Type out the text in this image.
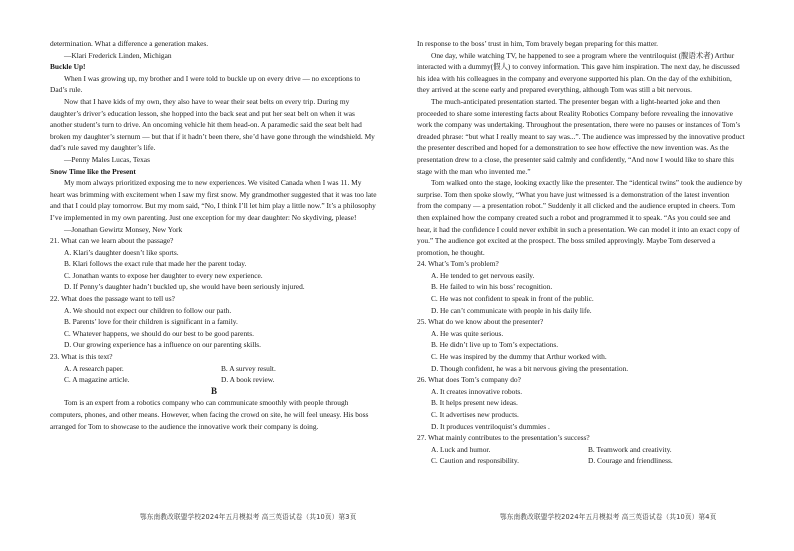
determination. What a difference a generation makes.

—Klari Frederick Linden, Michigan

Buckle Up!

When I was growing up, my brother and I were told to buckle up on every drive — no exceptions to Dad’s rule.

Now that I have kids of my own, they also have to wear their seat belts on every trip. During my daughter’s driver’s education lesson, she hopped into the back seat and put her seat belt on when it was another student’s turn to drive. An oncoming vehicle hit them head-on. A paramedic said the seat belt had broken my daughter’s sternum — but that if it hadn’t been there, she’d have gone through the windshield. My dad’s rule saved my daughter’s life.

—Penny Males Lucas, Texas

Snow Time like the Present

My mom always prioritized exposing me to new experiences. We visited Canada when I was 11. My heart was brimming with excitement when I saw my first snow. My grandmother suggested that it was too late and that I could play tomorrow. But my mom said, “No, I think I’ll let him play a little now.” It’s a philosophy I’ve implemented in my own parenting. Just one exception for my dear daughter: No skydiving, please!

—Jonathan Gewirtz Monsey, New York

21. What can we learn about the passage?

A. Klari’s daughter doesn’t like sports.

B. Klari follows the exact rule that made her the parent today.

C. Jonathan wants to expose her daughter to every new experience.

D. If Penny’s daughter hadn’t buckled up, she would have been seriously injured.

22. What does the passage want to tell us?

A. We should not expect our children to follow our path.

B. Parents’ love for their children is significant in a family.

C. Whatever happens, we should do our best to be good parents.

D. Our growing experience has a influence on our parenting skills.

23. What is this text?

A. A research paper.	B. A survey result.
C. A magazine article.	D. A book review.

B

Tom is an expert from a robotics company who can communicate smoothly with people through computers, phones, and other means. However, when facing the crowd on site, he will feel uneasy. His boss arranged for Tom to showcase to the audience the innovative work their company is doing.

In response to the boss’ trust in him, Tom bravely began preparing for this matter.

One day, while watching TV, he happened to see a program where the ventriloquist (腹语术者) Arthur interacted with a dummy(假人) to convey information. This gave him inspiration. The next day, he discussed his idea with his colleagues in the company and everyone supported his plan. On the day of the exhibition, they arrived at the scene early and prepared everything, although Tom was still a bit nervous.

The much-anticipated presentation started. The presenter began with a light-hearted joke and then proceeded to share some interesting facts about Reality Robotics Company before revealing the innovative work the company was undertaking. Throughout the presentation, there were no pauses or instances of Tom’s dreaded phrase: “but what I really meant to say was...”. The audience was impressed by the innovative product the presenter described and hoped for a demonstration to see how effective the new invention was. As the presentation drew to a close, the presenter said calmly and confidently, “And now I would like to share this stage with the man who invented me.”

Tom walked onto the stage, looking exactly like the presenter. The “identical twins” took the audience by surprise. Tom then spoke slowly, “What you have just witnessed is a demonstration of the latest invention from the company — a presentation robot.” Suddenly it all clicked and the audience erupted in cheers. Tom then explained how the company created such a robot and programmed it to speak. “As you could see and hear, it had the confidence I could never exhibit in such a presentation. We can model it into an exact copy of you.” The audience got excited at the prospect. The boss smiled approvingly. Maybe Tom deserved a promotion, he thought.

24. What’s Tom’s problem?

A. He tended to get nervous easily.

B. He failed to win his boss’ recognition.

C. He was not confident to speak in front of the public.

D. He can’t communicate with people in his daily life.

25. What do we know about the presenter?

A. He was quite serious.

B. He didn’t live up to Tom’s expectations.

C. He was inspired by the dummy that Arthur worked with.

D. Though confident, he was a bit nervous giving the presentation.

26. What does Tom’s company do?

A. It creates innovative robots.

B. It helps present new ideas.

C. It advertises new products.

D. It produces ventriloquist’s dummies .

27. What mainly contributes to the presentation’s success?

A. Luck and humor.	B. Teamwork and creativity.
C. Caution and responsibility.	D. Courage and friendliness.
鄂东南教改联盟学校2024年五月模拟考 高三英语试卷（共10页）第3页	鄂东南教改联盟学校2024年五月模拟考 高三英语试卷（共10页）第4页
